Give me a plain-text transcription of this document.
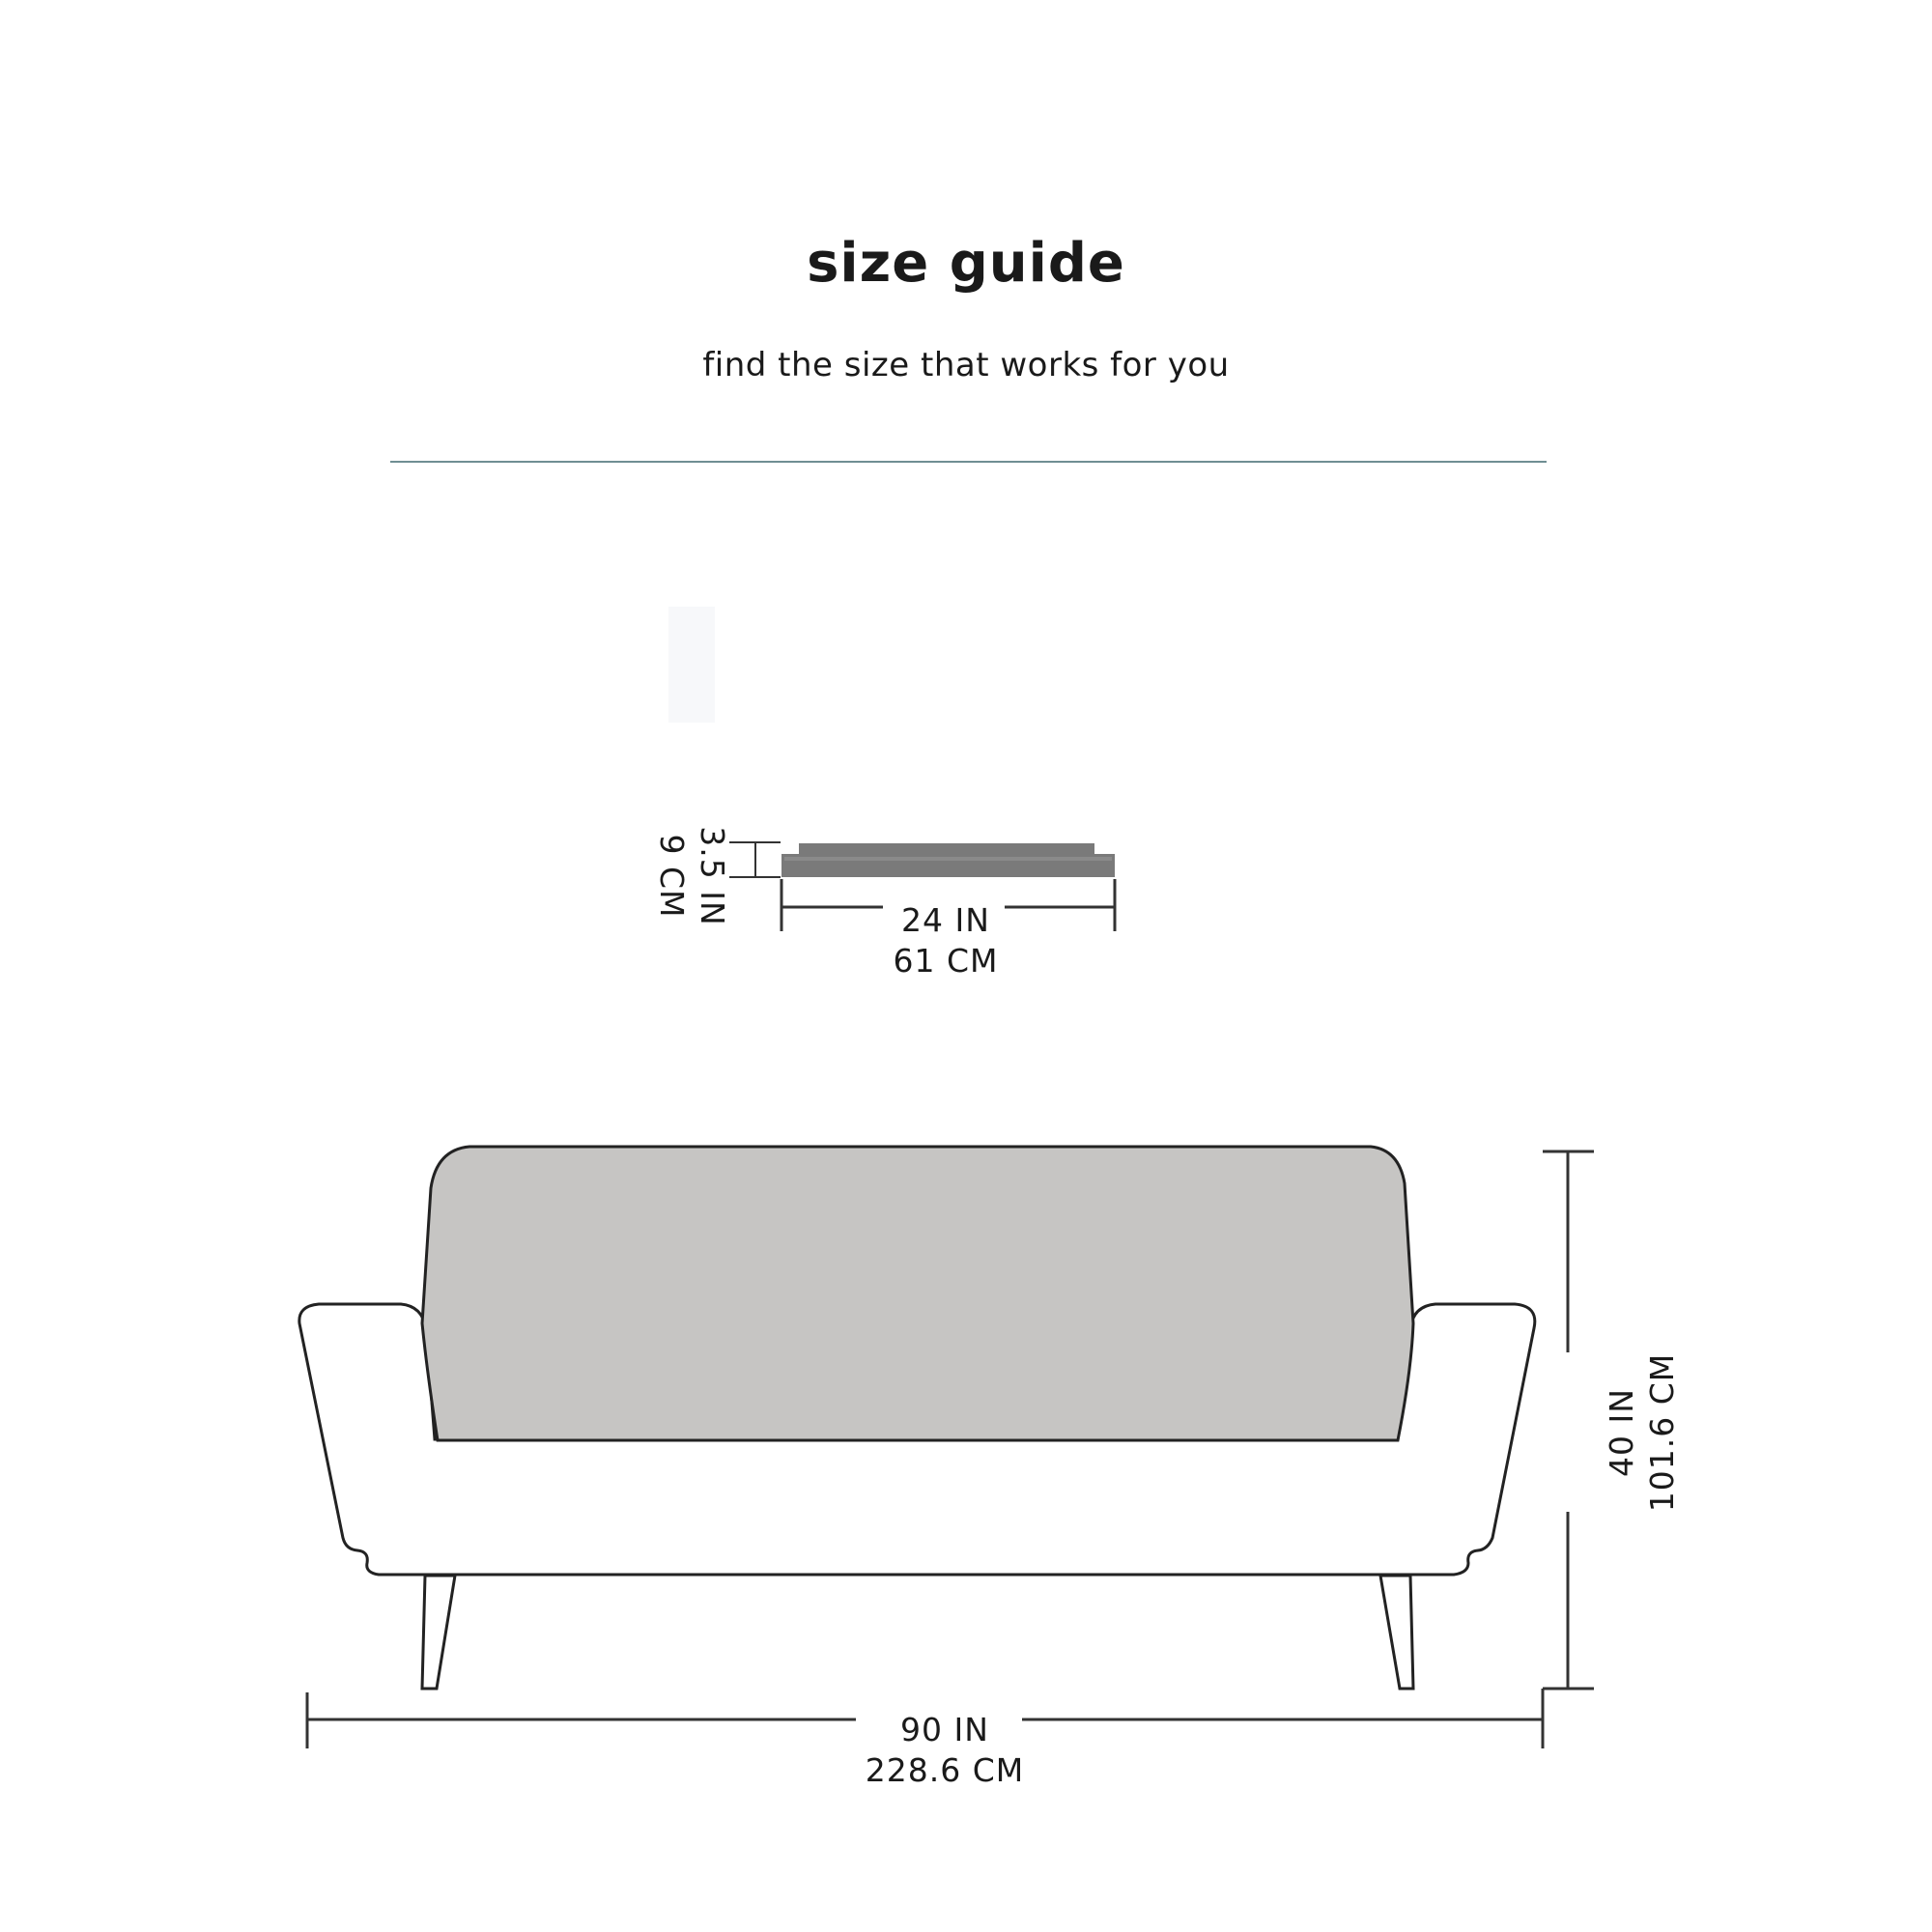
size guide

find the size that works for you

3.5 IN
9 CM
24 IN
61 CM
40 IN 101.6 CM
90 IN
228.6 CM
